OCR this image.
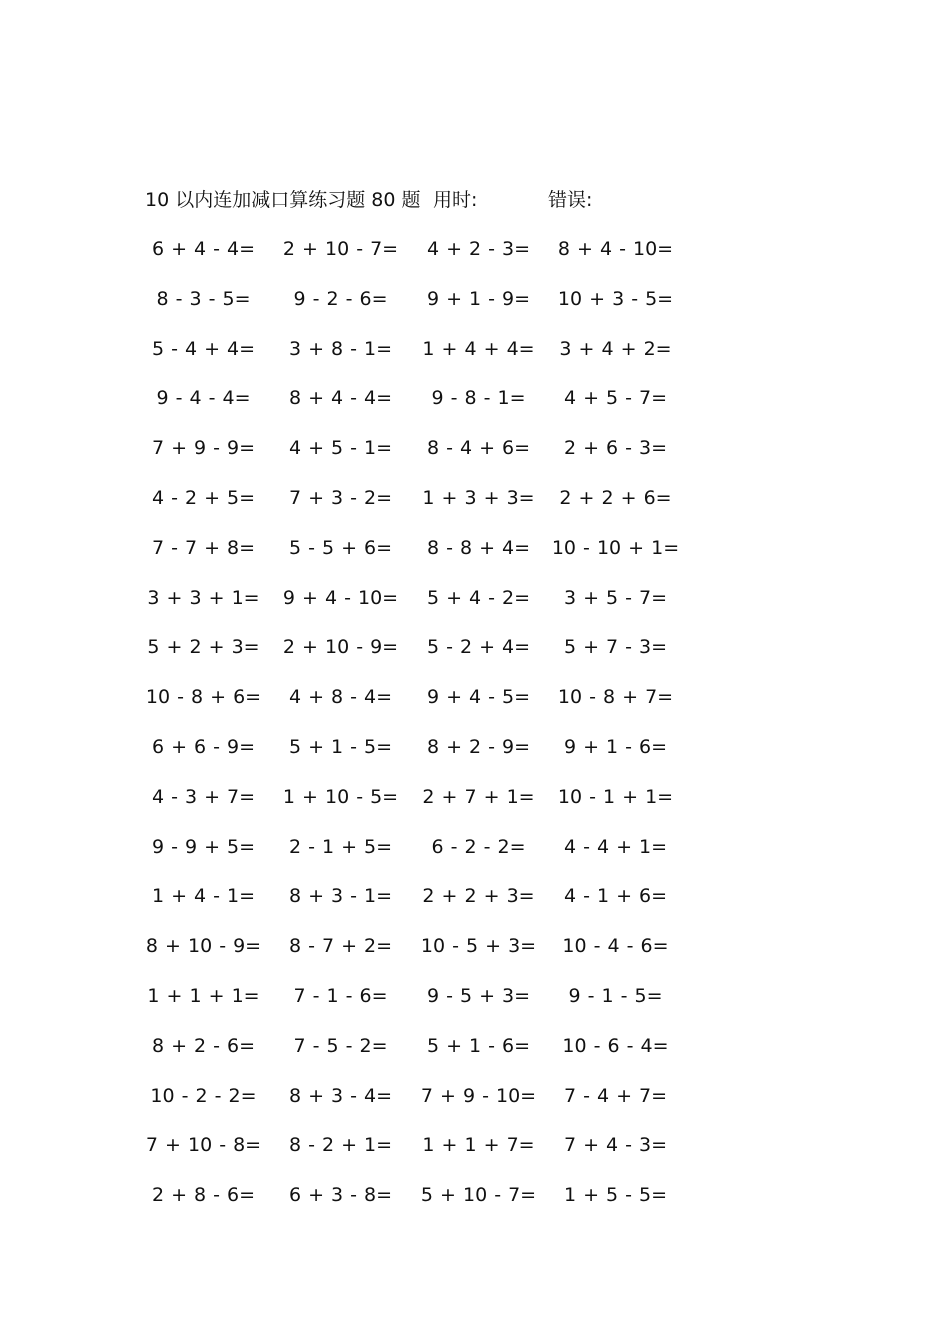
10 以内连加减口算练习题 80 题 用时:	错误:
6 + 4 - 4=	2 + 10 - 7=	4 + 2 - 3=	8 + 4 - 10=
8 - 3 - 5=	9 - 2 - 6=	9 + 1 - 9=	10 + 3 - 5=
5 - 4 + 4=	3 + 8 - 1=	1 + 4 + 4=	3 + 4 + 2=
9 - 4 - 4=	8 + 4 - 4=	9 - 8 - 1=	4 + 5 - 7=
7 + 9 - 9=	4 + 5 - 1=	8 - 4 + 6=	2 + 6 - 3=
4 - 2 + 5=	7 + 3 - 2=	1 + 3 + 3=	2 + 2 + 6=
7 - 7 + 8=	5 - 5 + 6=	8 - 8 + 4=	10 - 10 + 1=
3 + 3 + 1=	9 + 4 - 10=	5 + 4 - 2=	3 + 5 - 7=
5 + 2 + 3=	2 + 10 - 9=	5 - 2 + 4=	5 + 7 - 3=
10 - 8 + 6=	4 + 8 - 4=	9 + 4 - 5=	10 - 8 + 7=
6 + 6 - 9=	5 + 1 - 5=	8 + 2 - 9=	9 + 1 - 6=
4 - 3 + 7=	1 + 10 - 5=	2 + 7 + 1=	10 - 1 + 1=
9 - 9 + 5=	2 - 1 + 5=	6 - 2 - 2=	4 - 4 + 1=
1 + 4 - 1=	8 + 3 - 1=	2 + 2 + 3=	4 - 1 + 6=
8 + 10 - 9=	8 - 7 + 2=	10 - 5 + 3=	10 - 4 - 6=
1 + 1 + 1=	7 - 1 - 6=	9 - 5 + 3=	9 - 1 - 5=
8 + 2 - 6=	7 - 5 - 2=	5 + 1 - 6=	10 - 6 - 4=
10 - 2 - 2=	8 + 3 - 4=	7 + 9 - 10=	7 - 4 + 7=
7 + 10 - 8=	8 - 2 + 1=	1 + 1 + 7=	7 + 4 - 3=
2 + 8 - 6=	6 + 3 - 8=	5 + 10 - 7=	1 + 5 - 5=
